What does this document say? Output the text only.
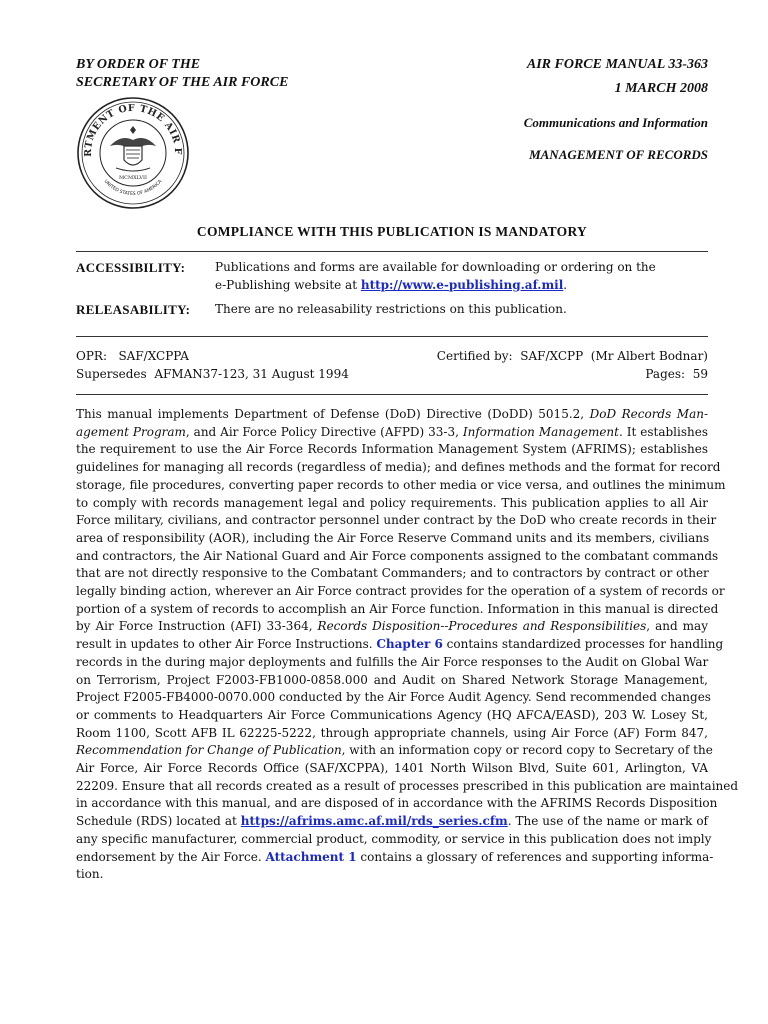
BY ORDER OF THE
SECRETARY OF THE AIR FORCE
AIR FORCE MANUAL 33-363
1 MARCH 2008
Communications and Information
MANAGEMENT OF RECORDS
RTMENT OF THE AIR F
UNITED STATES OF AMERICA
MCMXLVII
COMPLIANCE WITH THIS PUBLICATION IS MANDATORY
ACCESSIBILITY: Publications and forms are available for downloading or ordering on the
e-Publishing website at http://www.e-publishing.af.mil.
RELEASABILITY: There are no releasability restrictions on this publication.
OPR: SAF/XCPPA
Supersedes AFMAN37-123, 31 August 1994
Certified by: SAF/XCPP  (Mr Albert Bodnar)
Pages: 59
This manual implements Department of Defense (DoD) Directive (DoDD) 5015.2, DoD Records Man-
agement Program, and Air Force Policy Directive (AFPD) 33-3, Information Management. It establishes
the requirement to use the Air Force Records Information Management System (AFRIMS); establishes
guidelines for managing all records (regardless of media); and defines methods and the format for record
storage, file procedures, converting paper records to other media or vice versa, and outlines the minimum
to comply with records management legal and policy requirements. This publication applies to all Air
Force military, civilians, and contractor personnel under contract by the DoD who create records in their
area of responsibility (AOR), including the Air Force Reserve Command units and its members, civilians
and contractors, the Air National Guard and Air Force components assigned to the combatant commands
that are not directly responsive to the Combatant Commanders; and to contractors by contract or other
legally binding action, wherever an Air Force contract provides for the operation of a system of records or
portion of a system of records to accomplish an Air Force function. Information in this manual is directed
by Air Force Instruction (AFI) 33-364, Records Disposition--Procedures and Responsibilities, and may
result in updates to other Air Force Instructions. Chapter 6 contains standardized processes for handling
records in the during major deployments and fulfills the Air Force responses to the Audit on Global War
on Terrorism, Project F2003-FB1000-0858.000 and Audit on Shared Network Storage Management,
Project F2005-FB4000-0070.000 conducted by the Air Force Audit Agency. Send recommended changes
or comments to Headquarters Air Force Communications Agency (HQ AFCA/EASD), 203 W. Losey St,
Room 1100, Scott AFB IL 62225-5222, through appropriate channels, using Air Force (AF) Form 847,
Recommendation for Change of Publication, with an information copy or record copy to Secretary of the
Air Force, Air Force Records Office (SAF/XCPPA), 1401 North Wilson Blvd, Suite 601, Arlington, VA
22209. Ensure that all records created as a result of processes prescribed in this publication are maintained
in accordance with this manual, and are disposed of in accordance with the AFRIMS Records Disposition
Schedule (RDS) located at https://afrims.amc.af.mil/rds_series.cfm. The use of the name or mark of
any specific manufacturer, commercial product, commodity, or service in this publication does not imply
endorsement by the Air Force. Attachment 1 contains a glossary of references and supporting informa-
tion.
